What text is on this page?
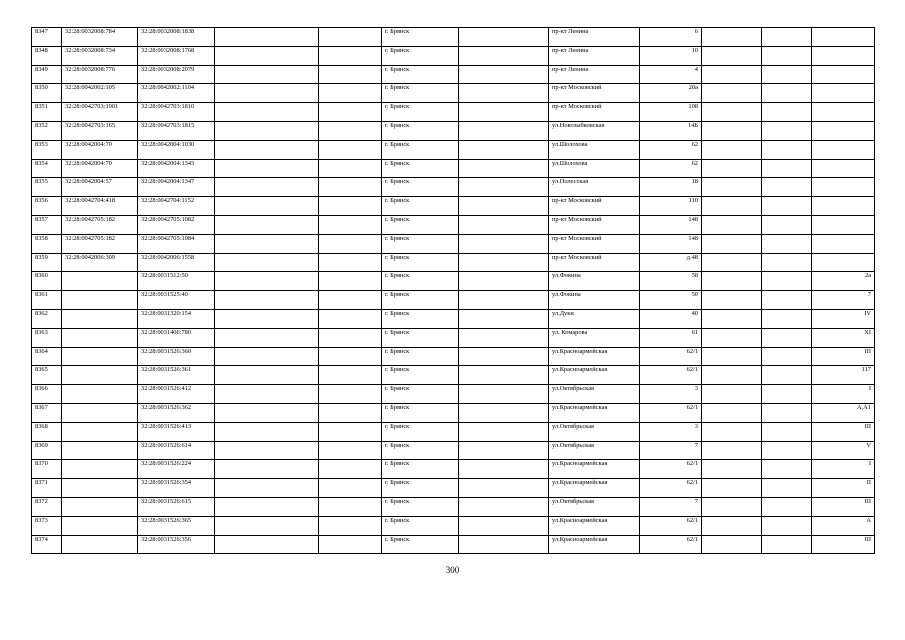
8347	32:28:0032008:784	32:28:0032008:1838			г. Брянск		пр-кт Ленина	6			
8348	32:28:0032008:734	32:28:0032008:1768			г. Брянск		пр-кт Ленина	10			
8349	32:28:0032008:776	32:28:0032008:2079			г. Брянск		пр-кт Ленина	4			
8350	32:28:0042002:105	32:28:0042002:1104			г. Брянск		пр-кт Московский	20а			
8351	32:28:0042703:1901	32:28:0042703:1810			г. Брянск		пр-кт Московский	108			
8352	32:28:0042703:165	32:28:0042703:1815			г. Брянск		ул.Новозыбковская	14Б			
8353	32:28:0042004:70	32:28:0042004:1030			г. Брянск		ул.Шолохова	62			
8354	32:28:0042004:70	32:28:0042004:1343			г. Брянск		ул.Шолохова	62			
8355	32:28:0042004:57	32:28:0042004:1347			г. Брянск		ул.Полесская	18			
8356	32:28:0042704:418	32:28:0042704:1152			г. Брянск		пр-кт Московский	110			
8357	32:28:0042705:182	32:28:0042705:1082			г. Брянск		пр-кт Московский	148			
8358	32:28:0042705:182	32:28:0042705:1084			г. Брянск		пр-кт Московский	148			
8359	32:28:0042006:309	32:28:0042006:1558			г. Брянск		пр-кт Московский	д.48			
8360		32:28:0031512:50			г. Брянск		ул.Фокина	58			2а
8361		32:28:0031525:40			г. Брянск		ул.Фокина	50			7
8362		32:28:0031320:154			г. Брянск		ул.Дуки	40			IV
8363		32:28:0031406:780			г. Брянск		ул. Комарова	61			XI
8364		32:28:0031526:360			г. Брянск		ул.Красноармейская	62/1			III
8365		32:28:0031526:361			г. Брянск		ул.Красноармейская	62/1			117
8366		32:28:0031526:412			г. Брянск		ул.Октябрьская	3			I
8367		32:28:0031526:362			г. Брянск		ул.Красноармейская	62/1			А,А1
8368		32:28:0031526:413			г. Брянск		ул.Октябрьская	3			III
8369		32:28:0031526:614			г. Брянск		ул.Октябрьская	7			V
8370		32:28:0031526:224			г. Брянск		ул.Красноармейская	62/1			I
8371		32:28:0031526:354			г. Брянск		ул.Красноармейская	62/1			II
8372		32:28:0031526:615			г. Брянск		ул.Октябрьская	7			III
8373		32:28:0031526:365			г. Брянск		ул.Красноармейская	62/1			А
8374		32:28:0031526:356			г. Брянск		ул.Красноармейская	62/1			III
300
